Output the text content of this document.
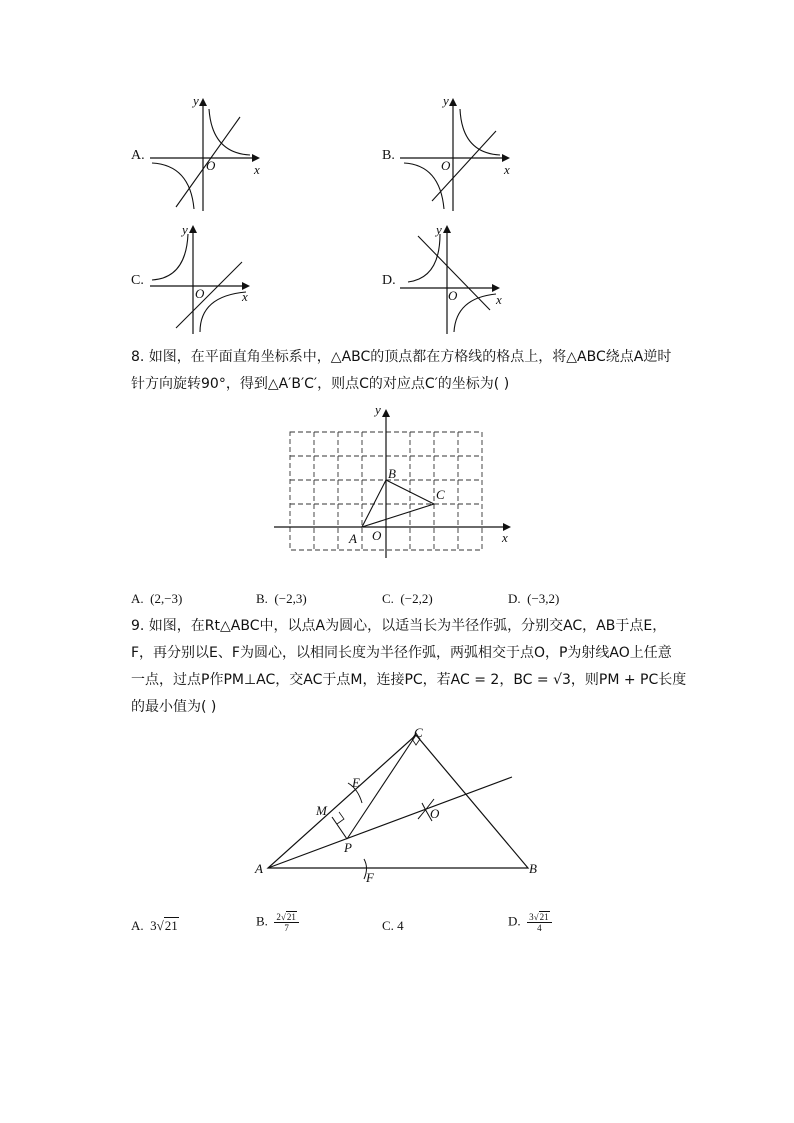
A.
y
x
O
B.
y
x
O
C.
y
x
O
D.
y
x
O
8. 如图，在平面直角坐标系中，△ABC的顶点都在方格线的格点上，将△ABC绕点A逆时
针方向旋转90°，得到△A′B′C′，则点C的对应点C′的坐标为( )
y
x
B
C
A O
A. (2,−3)	B. (−2,3)	C. (−2,2)	D. (−3,2)
9. 如图，在Rt△ABC中，以点A为圆心，以适当长为半径作弧，分别交AC，AB于点E，
F，再分别以E、F为圆心，以相同长度为半径作弧，两弧相交于点O，P为射线AO上任意
一点，过点P作PM⊥AC，交AC于点M，连接PC，若AC = 2，BC = √3，则PM + PC长度
的最小值为( )
C
E
M	O
P
A
F
B
A. 3√21	B. $\frac{2√21}{7}$	C. 4	D. $\frac{3√21}{4}$
